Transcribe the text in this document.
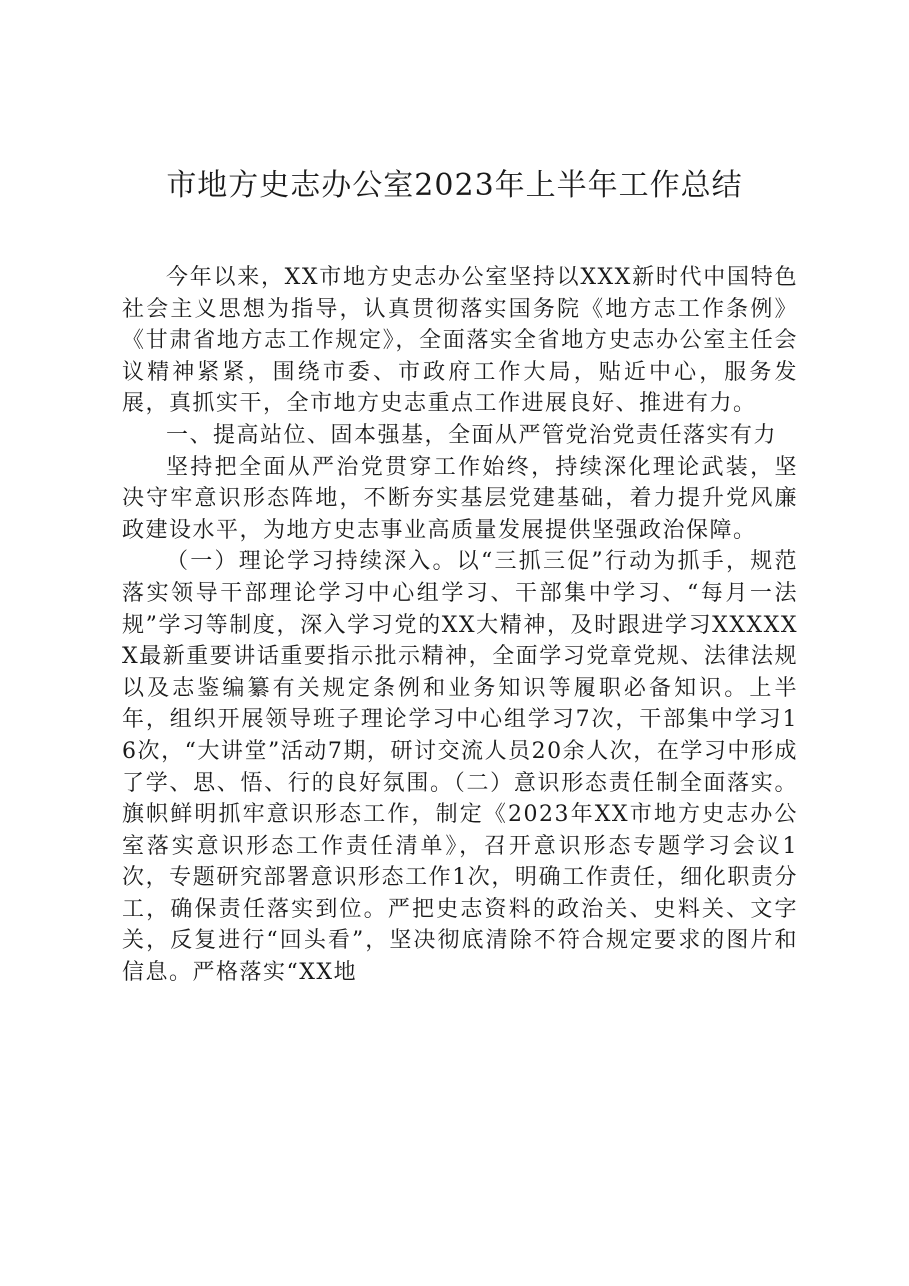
市地方史志办公室2023年上半年工作总结

今年以来，XX市地方史志办公室坚持以XXX新时代中国特色社会主义思想为指导，认真贯彻落实国务院《地方志工作条例》《甘肃省地方志工作规定》，全面落实全省地方史志办公室主任会议精神紧紧，围绕市委、市政府工作大局，贴近中心，服务发展，真抓实干，全市地方史志重点工作进展良好、推进有力。

一、提高站位、固本强基，全面从严管党治党责任落实有力

坚持把全面从严治党贯穿工作始终，持续深化理论武装，坚决守牢意识形态阵地，不断夯实基层党建基础，着力提升党风廉政建设水平，为地方史志事业高质量发展提供坚强政治保障。

（一）理论学习持续深入。以“三抓三促”行动为抓手，规范落实领导干部理论学习中心组学习、干部集中学习、“每月一法规”学习等制度，深入学习党的XX大精神，及时跟进学习XXXXXX最新重要讲话重要指示批示精神，全面学习党章党规、法律法规以及志鉴编纂有关规定条例和业务知识等履职必备知识。上半年，组织开展领导班子理论学习中心组学习7次，干部集中学习16次，“大讲堂”活动7期，研讨交流人员20余人次，在学习中形成了学、思、悟、行的良好氛围。（二）意识形态责任制全面落实。旗帜鲜明抓牢意识形态工作，制定《2023年XX市地方史志办公室落实意识形态工作责任清单》，召开意识形态专题学习会议1次，专题研究部署意识形态工作1次，明确工作责任，细化职责分工，确保责任落实到位。严把史志资料的政治关、史料关、文字关，反复进行“回头看”，坚决彻底清除不符合规定要求的图片和信息。严格落实“XX地
